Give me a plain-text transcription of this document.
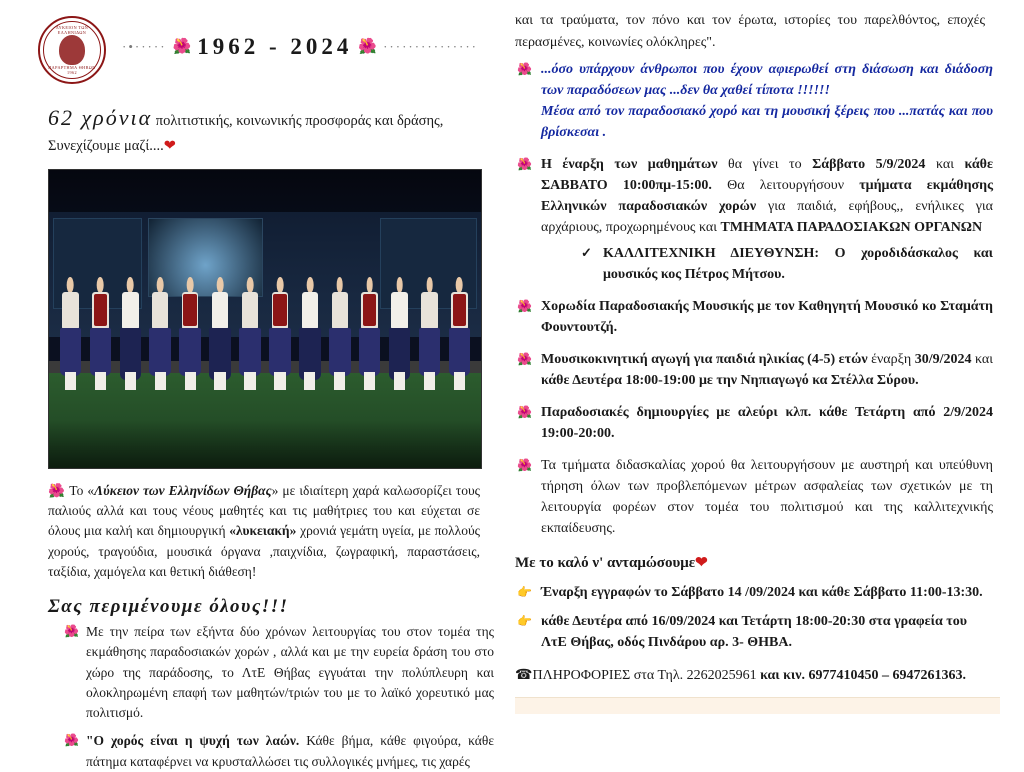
ΛΥΚΕΙΟΝ ΤΩΝ ΕΛΛΗΝΙΔΩΝ
ΠΑΡΑΡΤΗΜΑ ΘΗΒΩΝ 1962
·•····· 🌺 1962 - 2024 🌺 ···············
62 χρόνια πολιτιστικής, κοινωνικής προσφοράς και δράσης,
Συνεχίζουμε μαζί....❤
🌺 Το «Λύκειον των Ελληνίδων Θήβας» με ιδιαίτερη χαρά καλωσορίζει τους παλιούς αλλά και τους νέους μαθητές και τις μαθήτριες του και εύχεται σε όλους μια καλή και δημιουργική «λυκειακή» χρονιά γεμάτη υγεία, με πολλούς χορούς, τραγούδια, μουσικά όργανα ,παιχνίδια, ζωγραφική, παραστάσεις, ταξίδια, χαμόγελα και θετική διάθεση!
Σας περιμένουμε όλους!!!
🌺 Με την πείρα των εξήντα δύο χρόνων λειτουργίας του στον τομέα της εκμάθησης παραδοσιακών χορών , αλλά και με την ευρεία δράση του στο χώρο της παράδοσης, το ΛτΕ Θήβας εγγυάται την πολύπλευρη και ολοκληρωμένη επαφή των μαθητών/τριών του με το λαϊκό χορευτικό μας πολιτισμό.
🌺 "Ο χορός είναι η ψυχή των λαών. Κάθε βήμα, κάθε φιγούρα, κάθε πάτημα καταφέρνει να κρυσταλλώσει τις συλλογικές μνήμες, τις χαρές
και τα τραύματα, τον πόνο και τον έρωτα, ιστορίες του παρελθόντος, εποχές περασμένες, κοινωνίες ολόκληρες".
🌺 ...όσο υπάρχουν άνθρωποι που έχουν αφιερωθεί στη διάσωση και διάδοση των παραδόσεων μας ...δεν θα χαθεί τίποτα !!!!!!
Μέσα από τον παραδοσιακό χορό και τη μουσική ξέρεις που ...πατάς και που βρίσκεσαι .
🌺 Η έναρξη των μαθημάτων θα γίνει το Σάββατο 5/9/2024 και κάθε ΣΑΒΒΑΤΟ 10:00πμ-15:00. Θα λειτουργήσουν τμήματα εκμάθησης Ελληνικών παραδοσιακών χορών για παιδιά, εφήβους,, ενήλικες για αρχάριους, προχωρημένους και ΤΜΗΜΑΤΑ ΠΑΡΑΔΟΣΙΑΚΩΝ ΟΡΓΑΝΩΝ
✓ ΚΑΛΛΙΤΕΧΝΙΚΗ ΔΙΕΥΘΥΝΣΗ: Ο χοροδιδάσκαλος και μουσικός κος Πέτρος Μήτσου.
🌺 Χορωδία Παραδοσιακής Μουσικής με τον Καθηγητή Μουσικό κο Σταμάτη Φουντουτζή.
🌺 Μουσικοκινητική αγωγή για παιδιά ηλικίας (4-5) ετών έναρξη 30/9/2024 και κάθε Δευτέρα 18:00-19:00 με την Νηπιαγωγό κα Στέλλα Σύρου.
🌺 Παραδοσιακές δημιουργίες με αλεύρι κλπ. κάθε Τετάρτη από 2/9/2024 19:00-20:00.
🌺 Τα τμήματα διδασκαλίας χορού θα λειτουργήσουν με αυστηρή και υπεύθυνη τήρηση όλων των προβλεπόμενων μέτρων ασφαλείας των σχετικών με τη λειτουργία φορέων στον τομέα του πολιτισμού και της καλλιτεχνικής εκπαίδευσης.
Με το καλό ν' ανταμώσουμε❤
👉 Έναρξη εγγραφών το Σάββατο 14 /09/2024 και κάθε Σάββατο 11:00-13:30.
👉 κάθε Δευτέρα από 16/09/2024 και Τετάρτη 18:00-20:30 στα γραφεία του ΛτΕ Θήβας, οδός Πινδάρου αρ. 3- ΘΗΒΑ.
☎ΠΛΗΡΟΦΟΡΙΕΣ στα Τηλ. 2262025961 και κιν. 6977410450 – 6947261363.
